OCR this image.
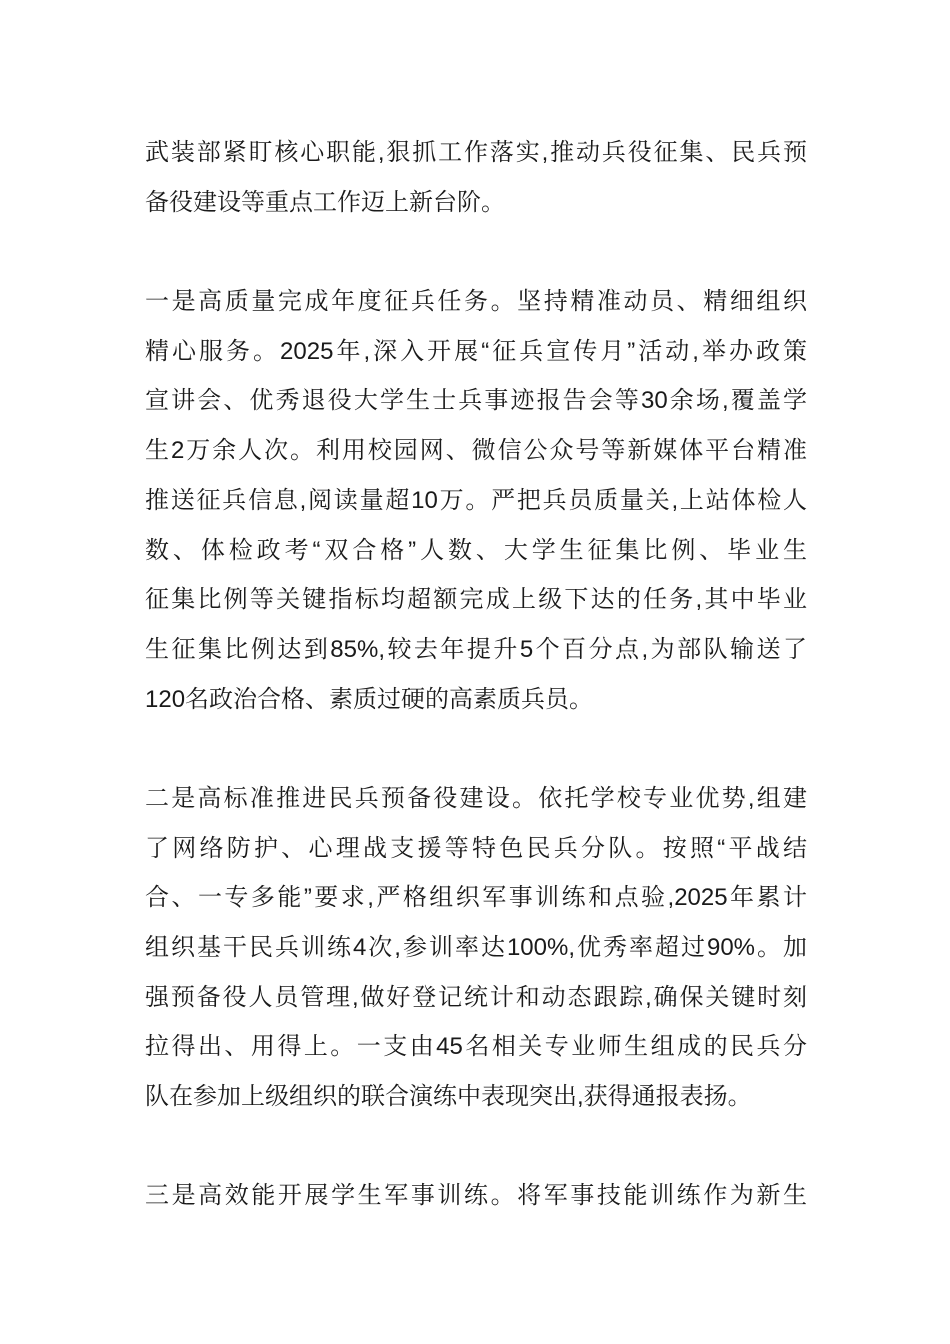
武装部紧盯核心职能,狠抓工作落实,推动兵役征集、民兵预
备役建设等重点工作迈上新台阶。
一是高质量完成年度征兵任务。坚持精准动员、精细组织
精心服务。2025年,深入开展“征兵宣传月”活动,举办政策
宣讲会、优秀退役大学生士兵事迹报告会等30余场,覆盖学
生2万余人次。利用校园网、微信公众号等新媒体平台精准
推送征兵信息,阅读量超10万。严把兵员质量关,上站体检人
数、体检政考“双合格”人数、大学生征集比例、毕业生
征集比例等关键指标均超额完成上级下达的任务,其中毕业
生征集比例达到85%,较去年提升5个百分点,为部队输送了
120名政治合格、素质过硬的高素质兵员。
二是高标准推进民兵预备役建设。依托学校专业优势,组建
了网络防护、心理战支援等特色民兵分队。按照“平战结
合、一专多能”要求,严格组织军事训练和点验,2025年累计
组织基干民兵训练4次,参训率达100%,优秀率超过90%。加
强预备役人员管理,做好登记统计和动态跟踪,确保关键时刻
拉得出、用得上。一支由45名相关专业师生组成的民兵分
队在参加上级组织的联合演练中表现突出,获得通报表扬。
三是高效能开展学生军事训练。将军事技能训练作为新生
